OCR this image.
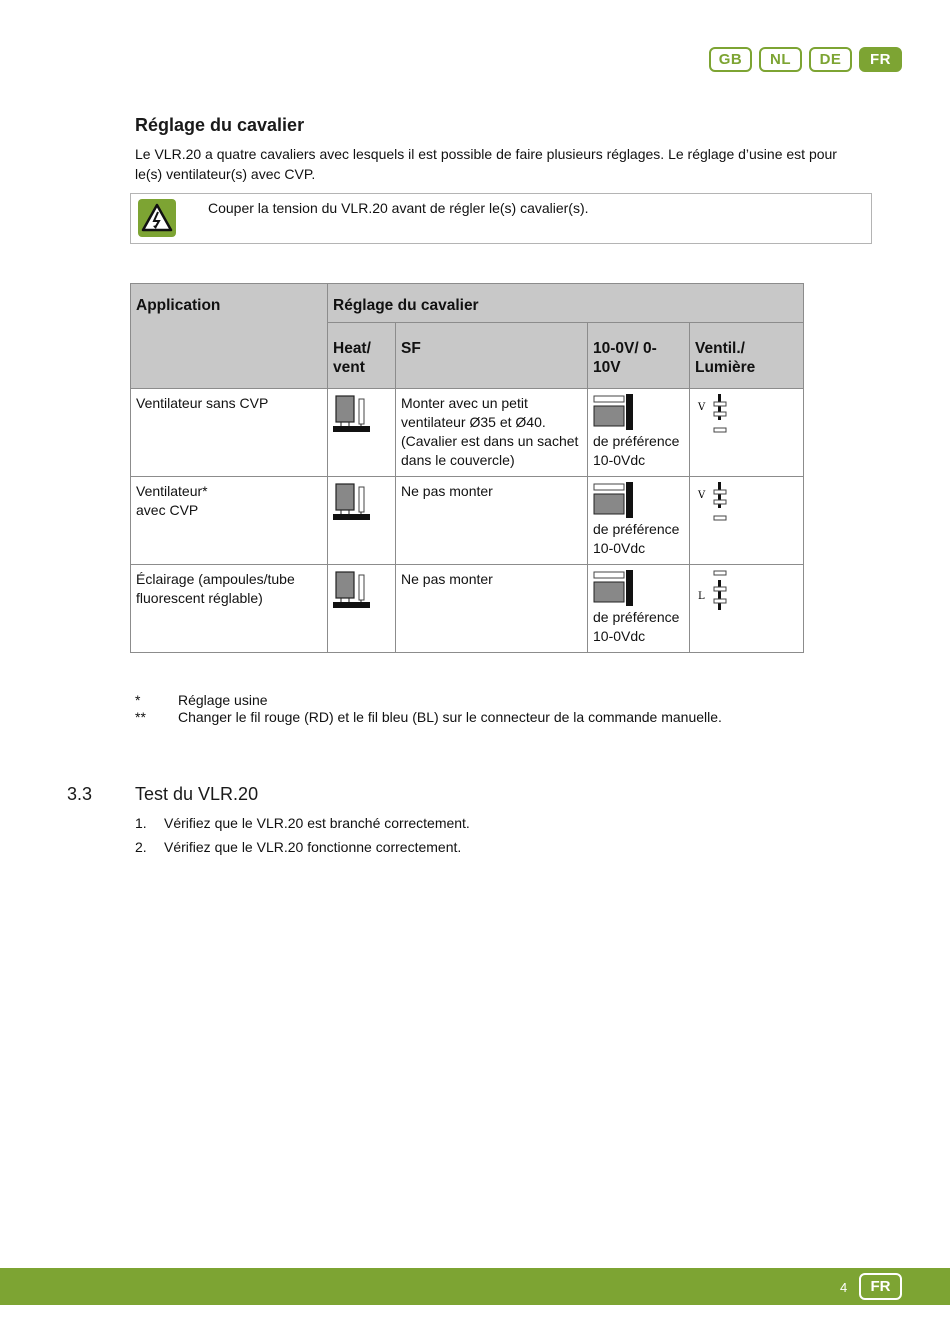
GB	NL	DE	FR
Réglage du cavalier

Le VLR.20 a quatre cavaliers avec lesquels il est possible de faire plusieurs réglages. Le réglage d’usine est pour le(s) ventilateur(s) avec CVP.

Couper la tension du VLR.20 avant de régler le(s) cavalier(s).
Application	Réglage du cavalier			
	Heat/ vent	SF	10-0V/ 0-10V	Ventil./ Lumière
Ventilateur sans CVP		Monter avec un petit ventilateur Ø35 et Ø40. (Cavalier est dans un sachet dans le couvercle)	de préférence 10-0Vdc	V

Ventilateur*
avec CVP		Ne pas monter	de préférence 10-0Vdc	V

Éclairage (ampoules/tube fluorescent réglable)		Ne pas monter	de préférence 10-0Vdc	L
*	Réglage usine
** Changer le fil rouge (RD) et le fil bleu (BL) sur le connecteur de la commande manuelle.
3.3 Test du VLR.20
1. Vérifiez que le VLR.20 est branché correctement.
2. Vérifiez que le VLR.20 fonctionne correctement.
4	FR
